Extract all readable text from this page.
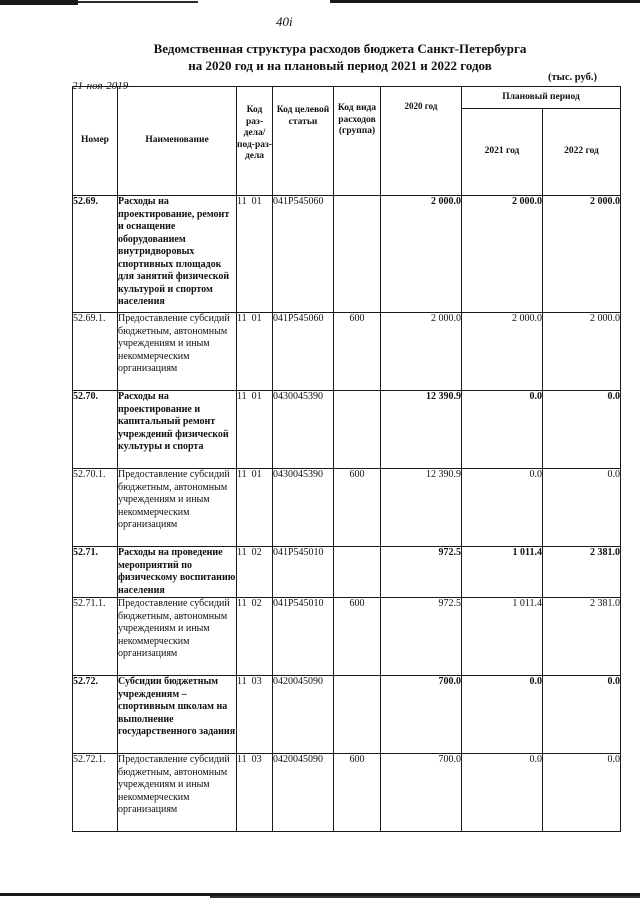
40i
Ведомственная структура расходов бюджета Санкт-Петербурга
на 2020 год и на плановый период 2021 и 2022 годов
21-ноя-2019
(тыс. руб.)
Номер	Наименование	Код раз-дела/ под-раз-дела	Код целевой статьи	Код вида расходов (группа)	2020 год	Плановый период	
						2021 год	2022 год
52.69.	Расходы на проектирование, ремонт и оснащение оборудованием внутридворовых спортивных площадок для занятий физической культурой и спортом населения	11  01	041P545060		2 000.0	2 000.0	2 000.0
52.69.1.	Предоставление субсидий бюджетным, автономным учреждениям и иным некоммерческим организациям	11  01	041P545060	600	2 000.0	2 000.0	2 000.0
52.70.	Расходы на проектирование и капитальный ремонт учреждений физической культуры и спорта	11  01	0430045390		12 390.9	0.0	0.0
52.70.1.	Предоставление субсидий бюджетным, автономным учреждениям и иным некоммерческим организациям	11  01	0430045390	600	12 390.9	0.0	0.0
52.71.	Расходы на проведение мероприятий по физическому воспитанию населения	11  02	041P545010		972.5	1 011.4	2 381.0
52.71.1.	Предоставление субсидий бюджетным, автономным учреждениям и иным некоммерческим организациям	11  02	041P545010	600	972.5	1 011.4	2 381.0
52.72.	Субсидии бюджетным учреждениям – спортивным школам на выполнение государственного задания	11  03	0420045090		700.0	0.0	0.0
52.72.1.	Предоставление субсидий бюджетным, автономным учреждениям и иным некоммерческим организациям	11  03	0420045090	600	700.0	0.0	0.0
